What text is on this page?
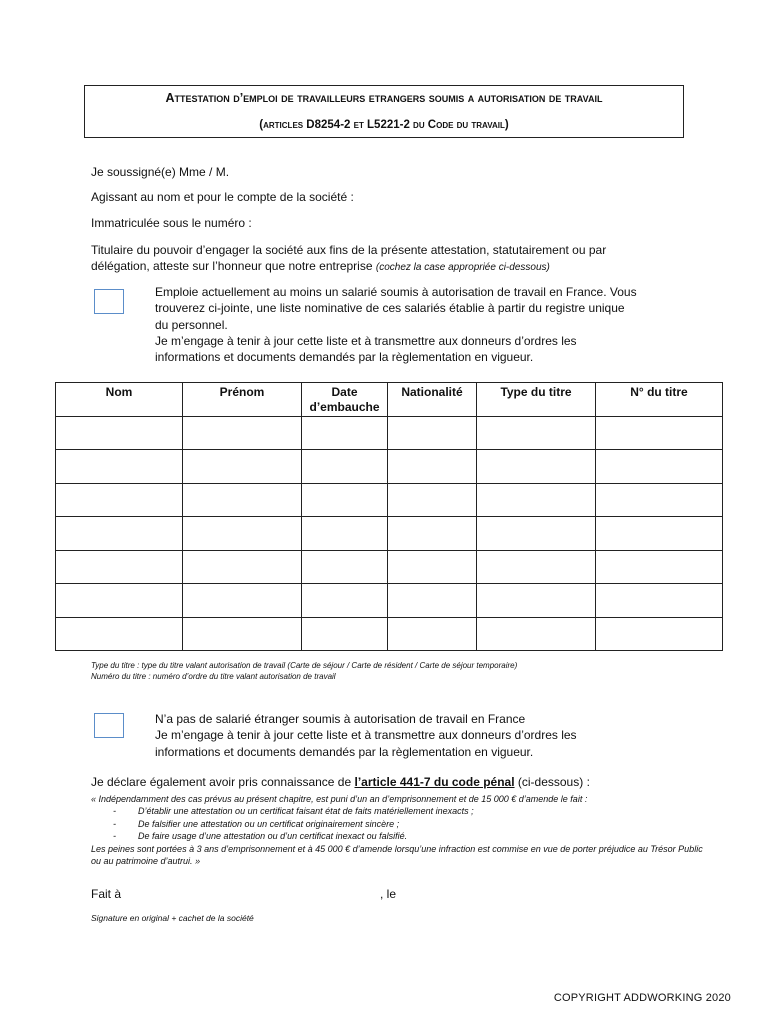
Attestation d’emploi de travailleurs etrangers soumis a autorisation de travail
(articles D8254-2 et L5221-2 du Code du travail)
Je soussigné(e) Mme / M.
Agissant au nom et pour le compte de la société :
Immatriculée sous le numéro :
Titulaire du pouvoir d’engager la société aux fins de la présente attestation, statutairement ou par
délégation, atteste sur l’honneur que notre entreprise (cochez la case appropriée ci-dessous)
Emploie actuellement au moins un salarié soumis à autorisation de travail en France. Vous
trouverez ci-jointe, une liste nominative de ces salariés établie à partir du registre unique
du personnel.
Je m’engage à tenir à jour cette liste et à transmettre aux donneurs d’ordres les
informations et documents demandés par la règlementation en vigueur.
Nom	Prénom	Date d’embauche	Nationalité	Type du titre	N° du titre

Type du titre : type du titre valant autorisation de travail (Carte de séjour / Carte de résident / Carte de séjour temporaire)
Numéro du titre : numéro d’ordre du titre valant autorisation de travail
N’a pas de salarié étranger soumis à autorisation de travail en France
Je m’engage à tenir à jour cette liste et à transmettre aux donneurs d’ordres les
informations et documents demandés par la règlementation en vigueur.
Je déclare également avoir pris connaissance de l’article 441-7 du code pénal (ci-dessous) :
« Indépendamment des cas prévus au présent chapitre, est puni d’un an d’emprisonnement et de 15 000 € d’amende le fait :
- D’établir une attestation ou un certificat faisant état de faits matériellement inexacts ;
- De falsifier une attestation ou un certificat originairement sincère ;
- De faire usage d’une attestation ou d’un certificat inexact ou falsifié.
Les peines sont portées à 3 ans d’emprisonnement et à 45 000 € d’amende lorsqu’une infraction est commise en vue de porter préjudice au Trésor Public ou au patrimoine d’autrui. »
Fait à	, le
Signature en original + cachet de la société
COPYRIGHT ADDWORKING 2020
